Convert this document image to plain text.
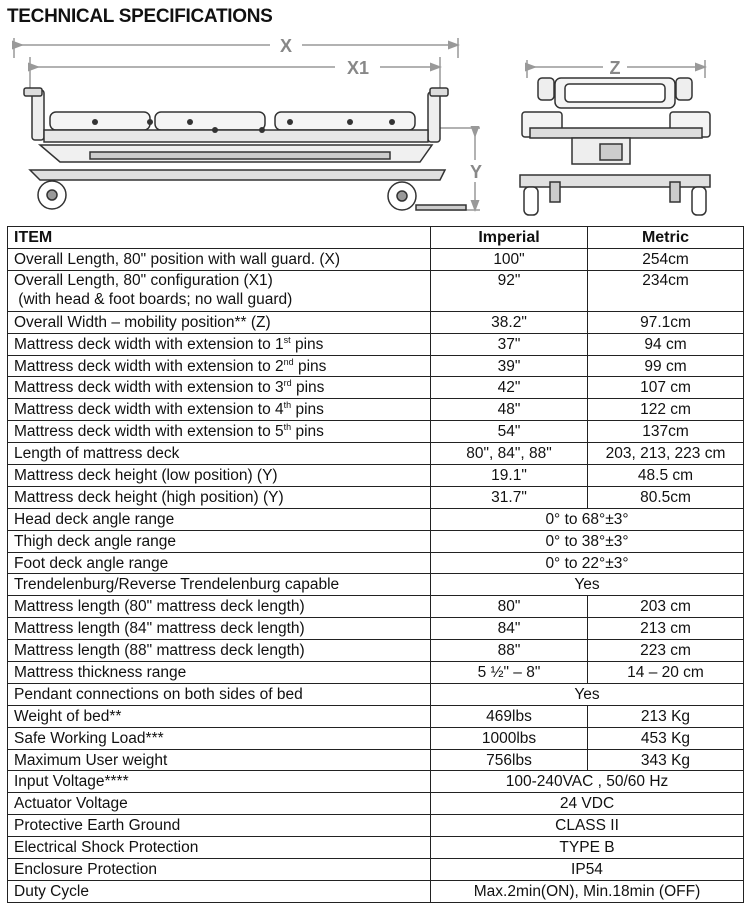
TECHNICAL SPECIFICATIONS
X
X1
Y
Z
ITEM	Imperial	Metric

Overall Length, 80" position with wall guard. (X)	100"	254cm

Overall Length, 80" configuration (X1)
(with head & foot boards; no wall guard)	92"	234cm

Overall Width – mobility position** (Z)	38.2"	97.1cm
Mattress deck width with extension to 1st pins	37"	94 cm
Mattress deck width with extension to 2nd pins	39"	99 cm
Mattress deck width with extension to 3rd pins	42"	107 cm
Mattress deck width with extension to 4th pins	48"	122 cm
Mattress deck width with extension to 5th pins	54"	137cm

Length of mattress deck	80", 84", 88"	203, 213, 223 cm

Mattress deck height (low position) (Y)	19.1"	48.5 cm

Mattress deck height (high position) (Y)	31.7"	80.5cm

Head deck angle range	0° to 68°±3°	

Thigh deck angle range	0° to 38°±3°	

Foot deck angle range	0° to 22°±3°	

Trendelenburg/Reverse Trendelenburg capable	Yes	

Mattress length (80" mattress deck length)	80"	203 cm

Mattress length (84" mattress deck length)	84"	213 cm

Mattress length (88" mattress deck length)	88"	223 cm

Mattress thickness range	5 ½" – 8"	14 – 20 cm

Pendant connections on both sides of bed	Yes	

Weight of bed**	469lbs	213 Kg

Safe Working Load***	1000lbs	453 Kg

Maximum User weight	756lbs	343 Kg

Input Voltage****	100-240VAC , 50/60 Hz	

Actuator Voltage	24 VDC	

Protective Earth Ground	CLASS II	

Electrical Shock Protection	TYPE B	

Enclosure Protection	IP54	

Duty Cycle	Max.2min(ON), Min.18min (OFF)	
